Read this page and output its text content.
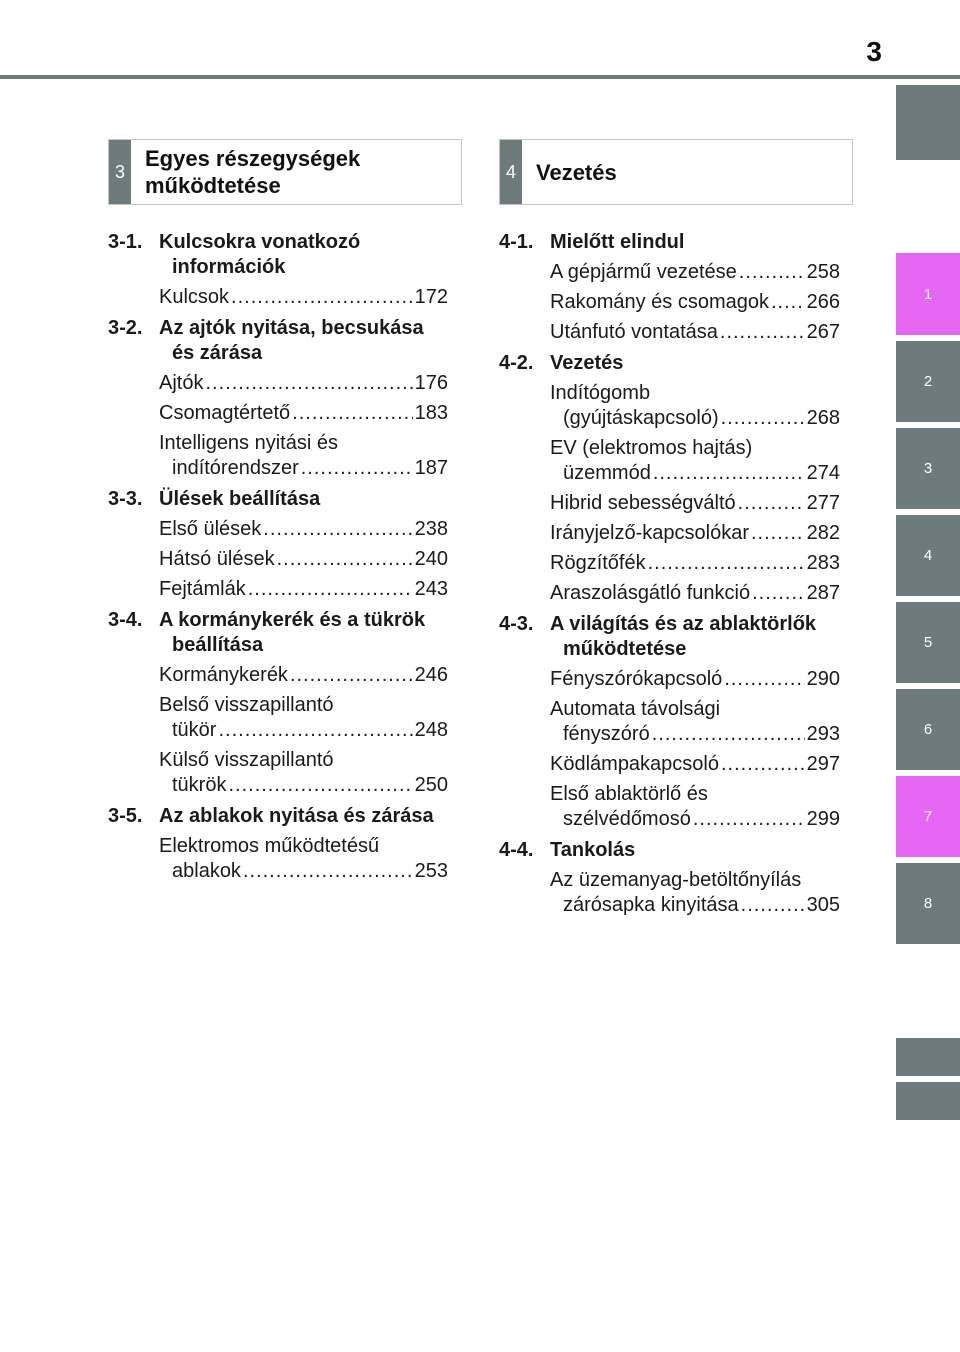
3
1
2
3
4
5
6
7
8
3
Egyes részegységek
működtetése
4 Vezetés
3-1. Kulcsokra vonatkozó
információk
Kulcsok .....	172
3-2. Az ajtók nyitása, becsukása
és zárása
Ajtók .....	176
Csomagtértető .....	183
Intelligens nyitási és
indítórendszer .....	187
3-3. Ülések beállítása
Első ülések .....	238
Hátsó ülések .....	240
Fejtámlák .....	243
3-4. A kormánykerék és a tükrök
beállítása
Kormánykerék .....	246
Belső visszapillantó
tükör .....	248
Külső visszapillantó
tükrök .....	250
3-5. Az ablakok nyitása és zárása
Elektromos működtetésű
ablakok .....	253
4-1. Mielőtt elindul
A gépjármű vezetése .....	258
Rakomány és csomagok ..... 266
Utánfutó vontatása .....	267
4-2. Vezetés
Indítógomb
(gyújtáskapcsoló) .....	268
EV (elektromos hajtás)
üzemmód .....	274
Hibrid sebességváltó .....	277
Irányjelző-kapcsolókar .....	282
Rögzítőfék .....	283
Araszolásgátló funkció .....	287
4-3. A világítás és az ablaktörlők
működtetése
Fényszórókapcsoló .....	290
Automata távolsági
fényszóró .....	293
Ködlámpakapcsoló .....	297
Első ablaktörlő és
szélvédőmosó .....	299
4-4. Tankolás
Az üzemanyag-betöltőnyílás
zárósapka kinyitása .....	305
